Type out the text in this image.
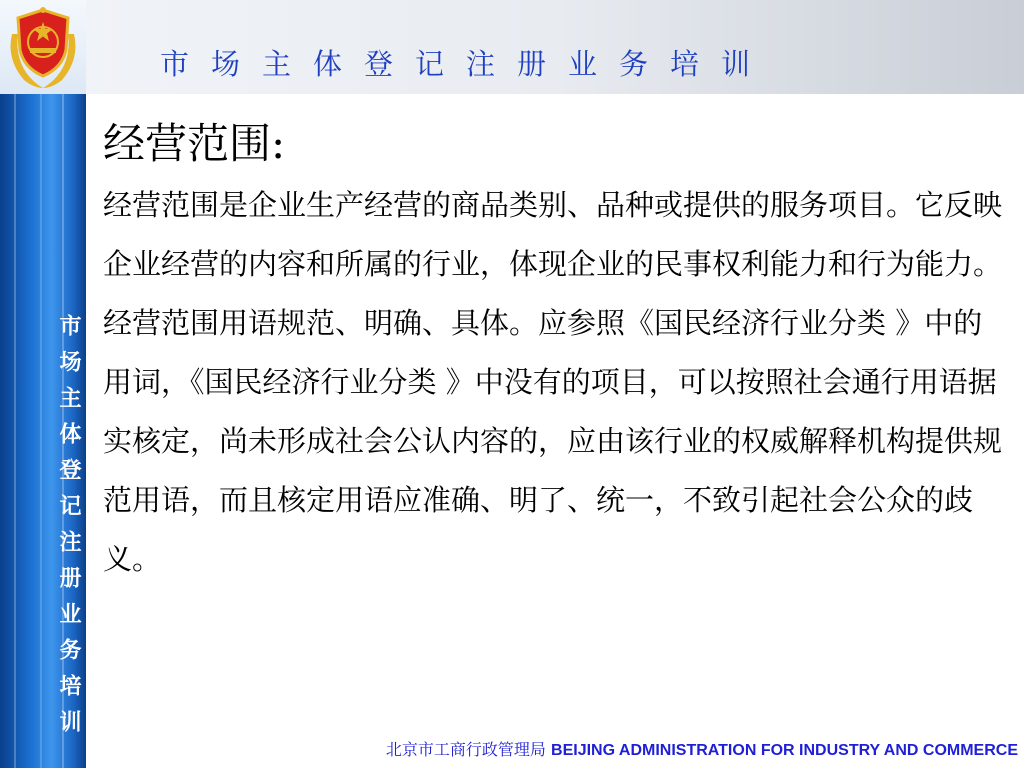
市场主体登记注册业务培训
市场主体登记注册业务培训
经营范围:

经营范围是企业生产经营的商品类别、品种或提供的服务项目。它反映企业经营的内容和所属的行业，体现企业的民事权利能力和行为能力。

经营范围用语规范、明确、具体。应参照《国民经济行业分类 》中的用词，《国民经济行业分类 》中没有的项目，可以按照社会通行用语据实核定，尚未形成社会公认内容的，应由该行业的权威解释机构提供规范用语，而且核定用语应准确、明了、统一，不致引起社会公众的歧义。

北京市工商行政管理局 BEIJING ADMINISTRATION FOR INDUSTRY AND COMMERCE
